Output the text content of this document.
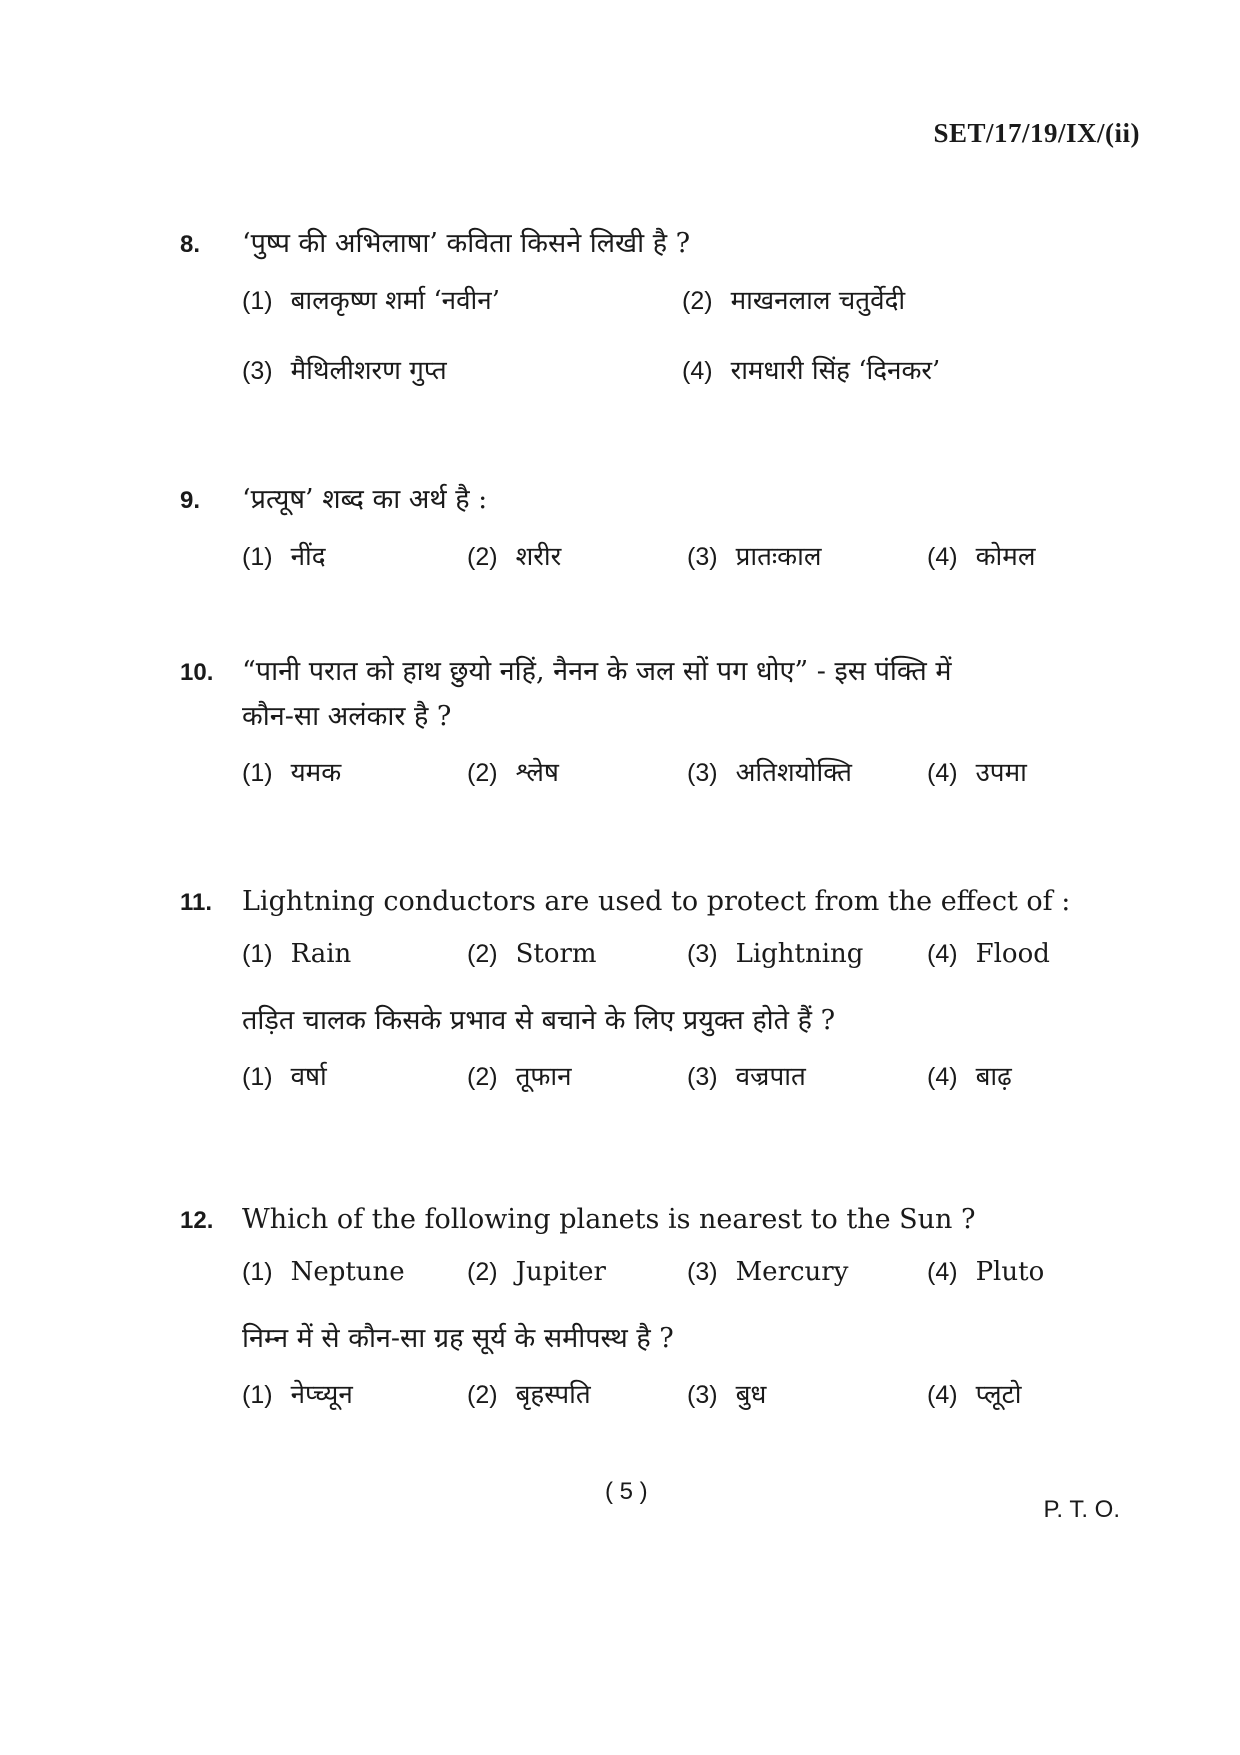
SET/17/19/IX/(ii)
8.	‘पुष्प की अभिलाषा’ कविता किसने लिखी है ?
(1) बालकृष्ण शर्मा ‘नवीन’	(2) माखनलाल चतुर्वेदी
(3) मैथिलीशरण गुप्त	(4) रामधारी सिंह ‘दिनकर’
9.	‘प्रत्यूष’ शब्द का अर्थ है :
(1) नींद	(2) शरीर	(3) प्रातःकाल	(4) कोमल
10.	“पानी परात को हाथ छुयो नहिं, नैनन के जल सों पग धोए” - इस पंक्ति में
कौन-सा अलंकार है ?
(1) यमक	(2) श्लेष	(3) अतिशयोक्ति	(4) उपमा
11.	Lightning conductors are used to protect from the effect of :
(1) Rain	(2) Storm	(3) Lightning	(4) Flood
तड़ित चालक किसके प्रभाव से बचाने के लिए प्रयुक्त होते हैं ?
(1) वर्षा	(2) तूफान	(3) वज्रपात	(4) बाढ़
12.	Which of the following planets is nearest to the Sun ?
(1) Neptune (2) Jupiter	(3) Mercury	(4) Pluto
निम्न में से कौन-सा ग्रह सूर्य के समीपस्थ है ?
(1) नेप्च्यून	(2) बृहस्पति	(3) बुध	(4) प्लूटो
( 5 )
P. T. O.
